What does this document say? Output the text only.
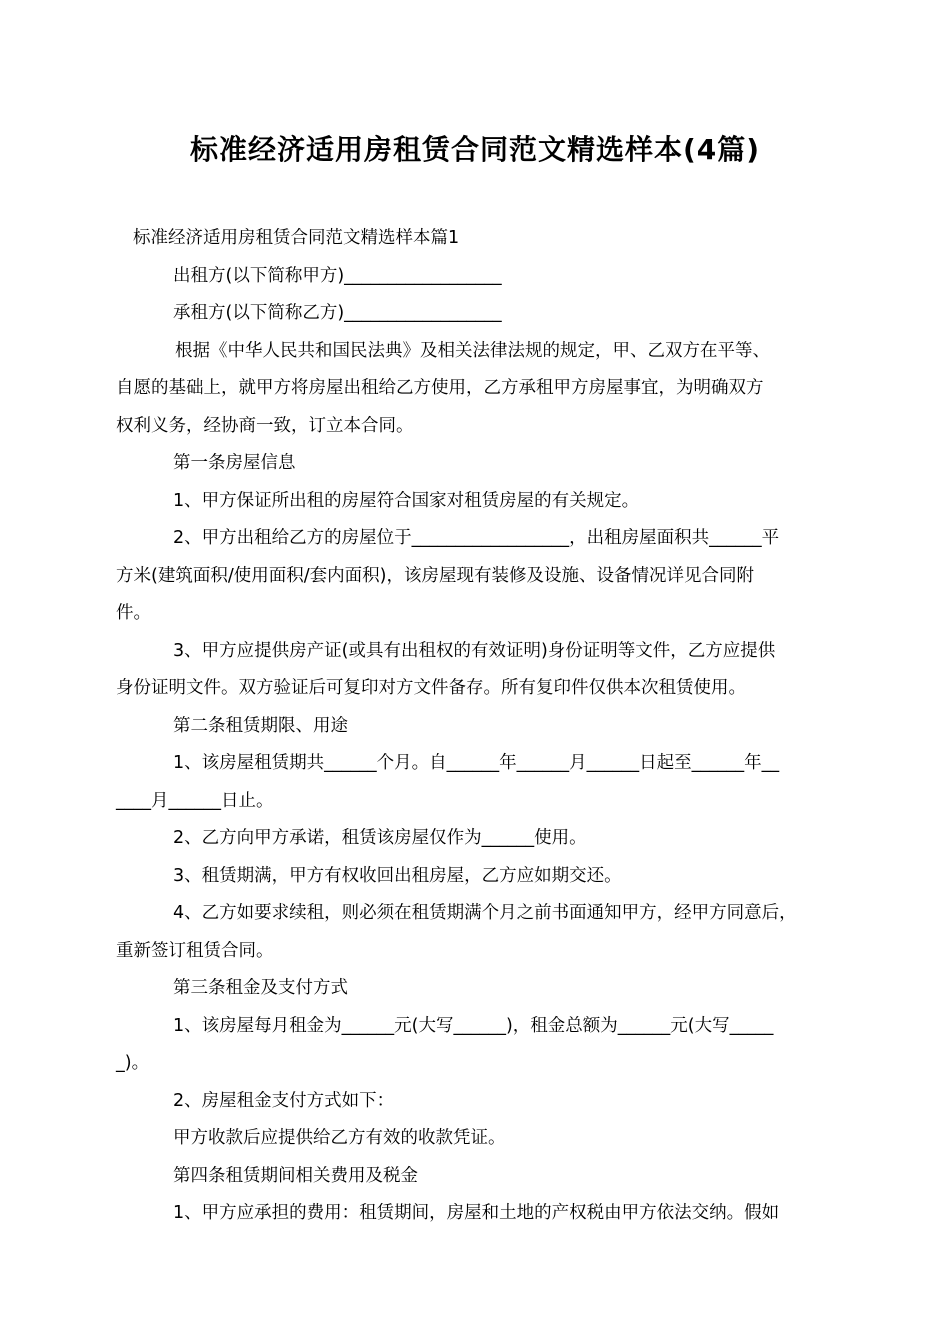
标准经济适用房租赁合同范文精选样本(4篇)

标准经济适用房租赁合同范文精选样本篇1

出租方(以下简称甲方)__________________

承租方(以下简称乙方)__________________

根据《中华人民共和国民法典》及相关法律法规的规定，甲、乙双方在平等、

自愿的基础上，就甲方将房屋出租给乙方使用，乙方承租甲方房屋事宜，为明确双方

权利义务，经协商一致，订立本合同。

第一条房屋信息

1、甲方保证所出租的房屋符合国家对租赁房屋的有关规定。

2、甲方出租给乙方的房屋位于__________________，出租房屋面积共______平

方米(建筑面积/使用面积/套内面积)，该房屋现有装修及设施、设备情况详见合同附

件。

3、甲方应提供房产证(或具有出租权的有效证明)身份证明等文件，乙方应提供

身份证明文件。双方验证后可复印对方文件备存。所有复印件仅供本次租赁使用。

第二条租赁期限、用途

1、该房屋租赁期共______个月。自______年______月______日起至______年__

____月______日止。

2、乙方向甲方承诺，租赁该房屋仅作为______使用。

3、租赁期满，甲方有权收回出租房屋，乙方应如期交还。

4、乙方如要求续租，则必须在租赁期满个月之前书面通知甲方，经甲方同意后，

重新签订租赁合同。

第三条租金及支付方式

1、该房屋每月租金为______元(大写______)，租金总额为______元(大写_____

_)。

2、房屋租金支付方式如下：

甲方收款后应提供给乙方有效的收款凭证。

第四条租赁期间相关费用及税金

1、甲方应承担的费用：租赁期间，房屋和土地的产权税由甲方依法交纳。假如
